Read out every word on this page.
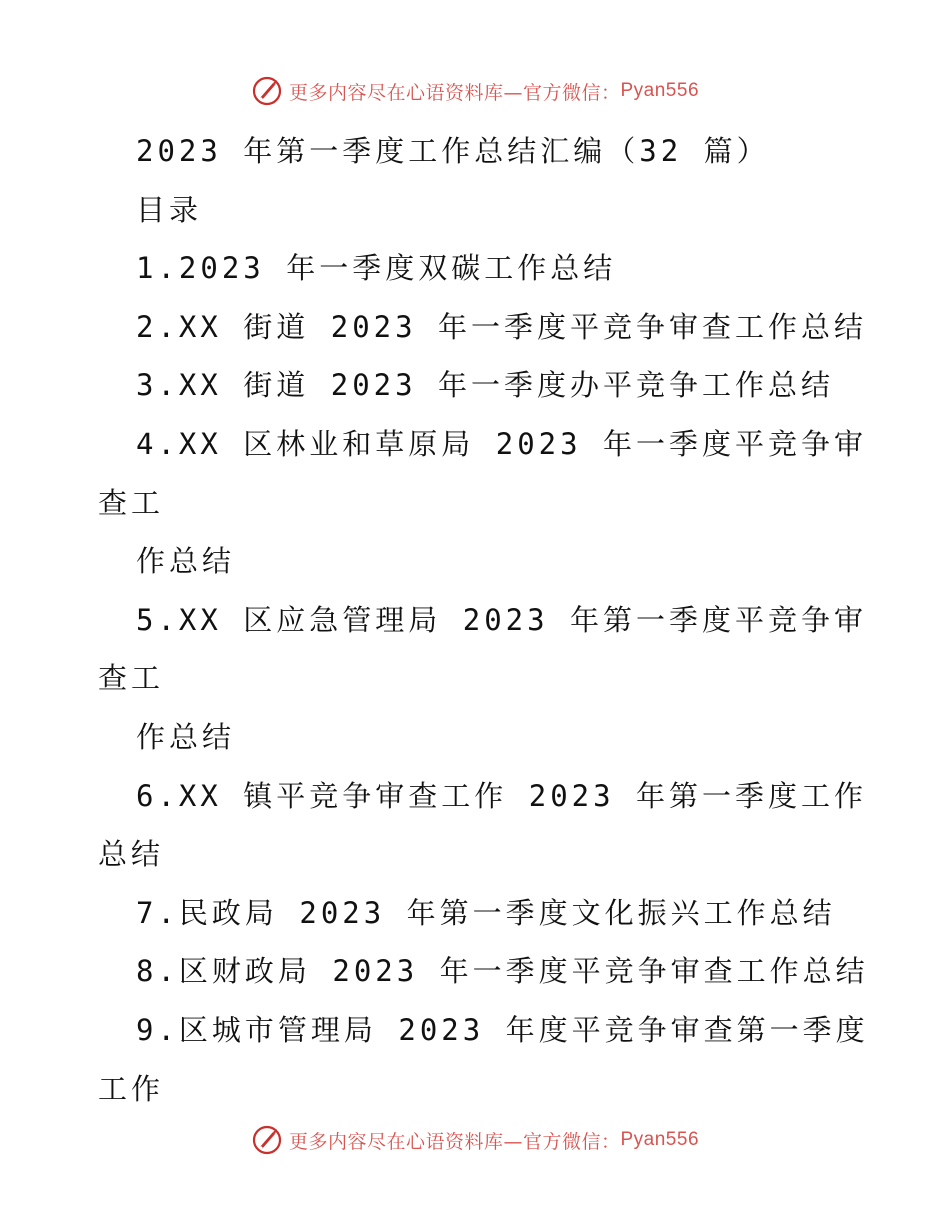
更多内容尽在心语资料库—官方微信： Pyan556
2023 年第一季度工作总结汇编（32 篇）
目录
1.2023 年一季度双碳工作总结
2.XX 街道 2023 年一季度平竞争审查工作总结
3.XX 街道 2023 年一季度办平竞争工作总结
4.XX 区林业和草原局 2023 年一季度平竞争审
查工
作总结
5.XX 区应急管理局 2023 年第一季度平竞争审
查工
作总结
6.XX 镇平竞争审查工作 2023 年第一季度工作
总结
7.民政局 2023 年第一季度文化振兴工作总结
8.区财政局 2023 年一季度平竞争审查工作总结
9.区城市管理局 2023 年度平竞争审查第一季度
工作
更多内容尽在心语资料库—官方微信： Pyan556
